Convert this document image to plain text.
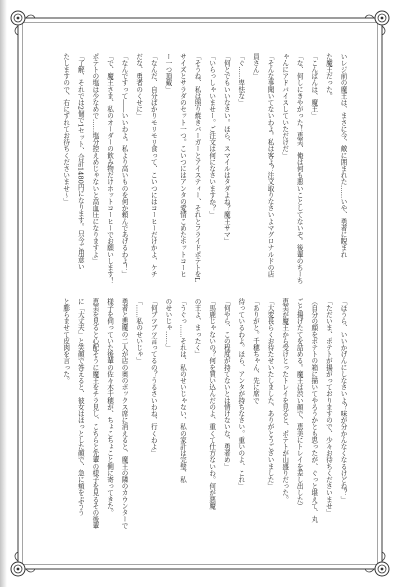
いレジ前の魔王は、まさに今、敵に囲まれた……いや、勇者に睨まれ

た魔王だった。

「こんばんは、魔王」

「な、何しにきやがった！恵美、俺は何も悪いことしてないぞ。後輩のちーち

ゃんにアドバイスしていただけだ」

「そんな事聞いてないわよ。私は客よ？注文取りなさいよマグロナルドの店

員さん」

「ぐ……卑怯な」

「何とでもいいなさい。ほら、スマイルはタダよね？魔王サマ」

「いらっしゃいませー。ご注文は何になさいますか？」

「そうね、私は照り焼きバーガーとアイスティー、それとフライドポテトをL

サイズとサラダのセット一つ。こいつにはアンタの愛情こめたホットコーヒ

ー一つ頂戴」

「なんだ、自分ばかりモリモリ食って、こいつにはコーヒーだけかよ、ケチ

だな、勇者のくせに」

「なんですって――いいわよ。私より高いものを何か頼んであげるわよ！」

「で、魔王さま、私のオーダーの飲み物だけホットコーヒーでお願いします！

ポテトの塩は少なめで……塩分控えめじゃないと高血圧になりますよ」

「了解、それでは2個で1セット、合計1480円になります。只今ご用意い

たしますので、右にずれてお待ちくださいませ～」

「ほうら、いいかげんにしなさいよ？味が分かんなくなるけどね？」

「ただいま、ポテトが揚がっておりますので、少々お待ちくださいませ」

（自分の顔をポテトの箱に描いてやろうかとも思ったが、ぐっと堪えて、丸

ごと揚げたてを詰める。魔王は渋い顔で、恵美にトレイを差し出した）

恵美が魔王から受けとったトレイを見ると、ポテトが山盛りだった。

「大変長らくお待たせいたしました、ありがとうございました」

「ありがと。千穂ちゃん、先に席で

待っているわよ。ほら、アンタが持ちなさい。重いのよ、これ」

「何やら、この程度が持てないとは情けないな、勇者め」

「馬鹿じゃないの？何を買い込んだのよ、重くて仕方ないわ。何が悪魔

の王よ、まったく」

「うぐっ……それは、私のせいじゃない、私の家計は完璧、私

のせいじゃ……」

「何ブツブツ言ってるの？うるさいわね、行くわよ」

「……私のせいじゃ」

勇者と悪魔の二人が店の奥のボックス席に消えると、魔王の隣のカウンターで

様子を伺っていた後輩の佐々木千穂が、ちょこちょこと側に寄ってきた。

恵美を見ると心配そうに魔王をチラ見し、こちらと先輩の様子を見るその後輩

に「大丈夫」と笑顔で答えると、彼女はほっとした顔で、急に頬をぷうう

と膨らませて皮肉を言った。
